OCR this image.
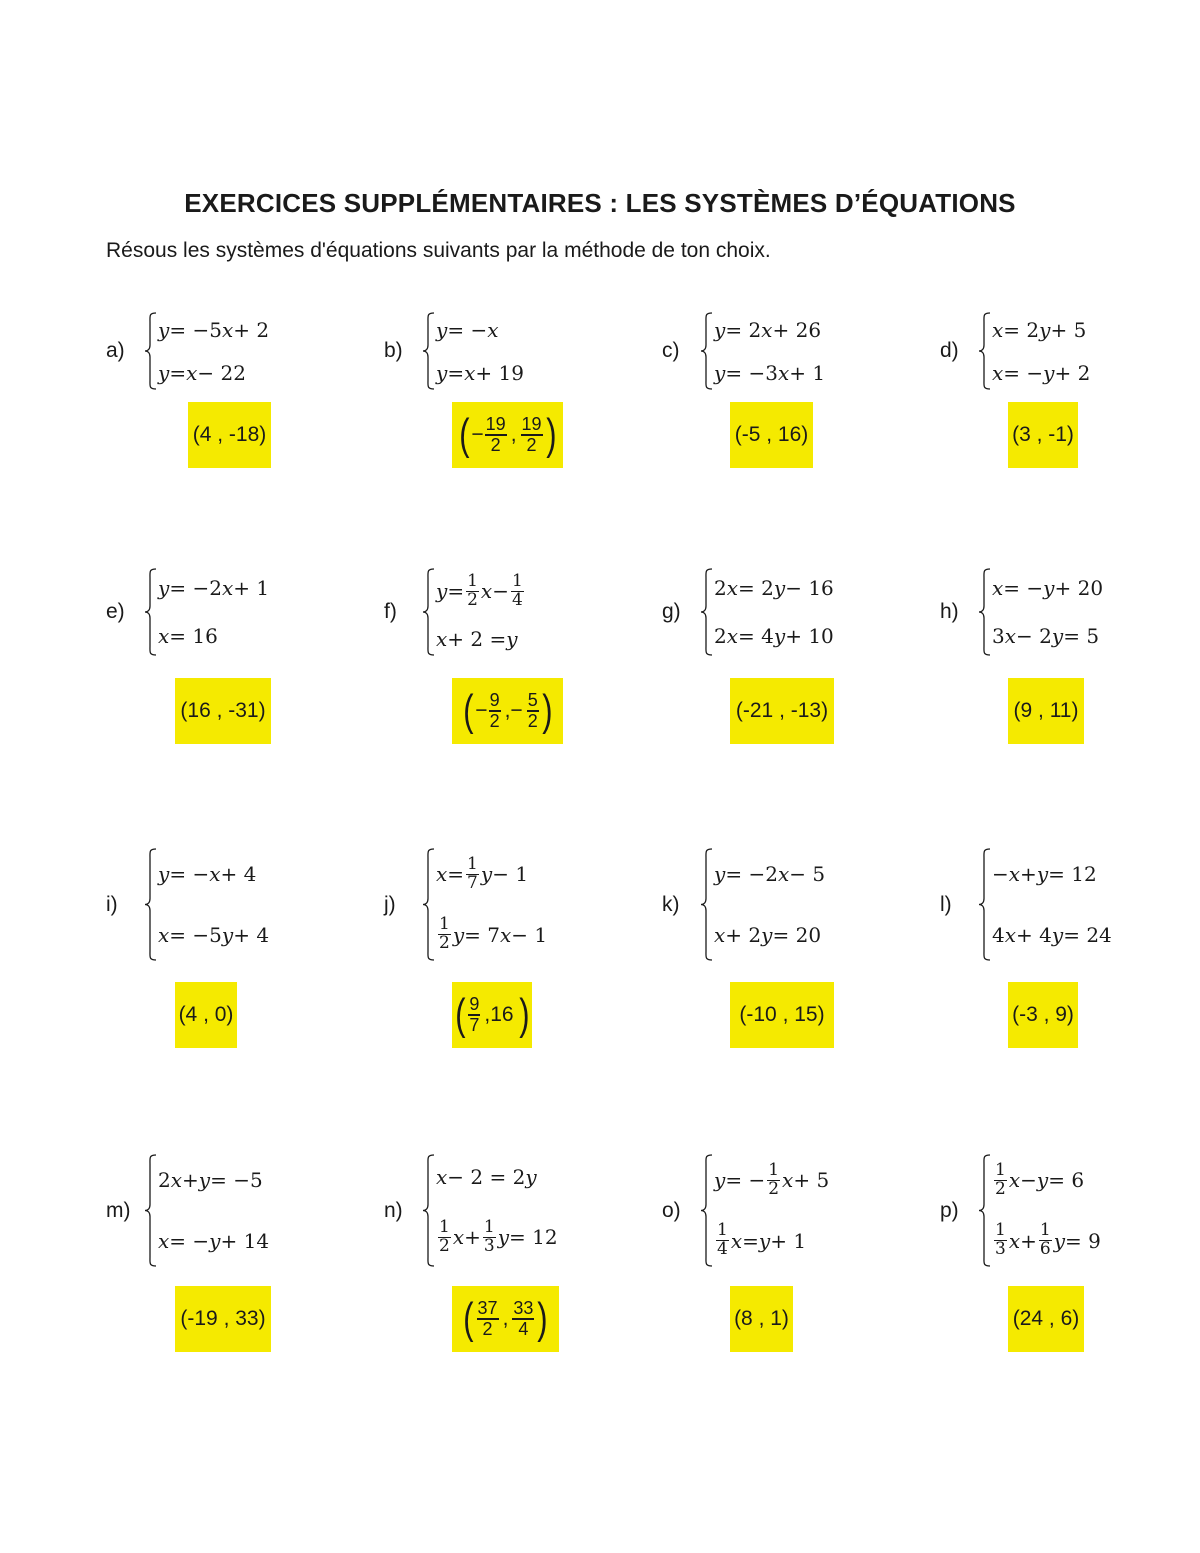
EXERCICES SUPPLÉMENTAIRES : LES SYSTÈMES D’ÉQUATIONS
Résous les systèmes d'équations suivants par la méthode de ton choix.
a)
y = −5 x + 2
y = x − 22
(4 , -18)
b)
y = − x
y = x + 19
( − $\frac{19}{2}$ , $\frac{19}{2}$ )
c)
y = 2 x + 26
y = −3 x + 1
(-5 , 16)
d)
x = 2 y + 5
x = − y + 2
(3 , -1)
e)
y = −2 x + 1
x = 16
(16 , -31)
f)
$y = \frac{1}{2}$ $x - \frac{1}{4}$
x + 2 = y
( − $\frac{9}{2}$ ,− $\frac{5}{2}$ )
g)
2 x = 2 y − 16
2 x = 4 y + 10
(-21 , -13)
h)
x = − y + 20
3 x − 2 y = 5
(9 , 11)
i)
y = − x + 4
x = −5 y + 4
(4 , 0)
j)
$x = \frac{1}{7}$ y − 1
$\frac{1}{2}$ y = 7 x − 1
( $\frac{9}{7} ,16$ )
k)
y = −2 x − 5
x + 2 y = 20
(-10 , 15)
l)
− x + y = 12
4 x + 4 y = 24
(-3 , 9)
m)
2 x + y = −5
x = − y + 14
(-19 , 33)
n)
x − 2 = 2 y
$\frac{1}{2}$ $x + \frac{1}{3}$ y = 12
( $\frac{37}{2}$ , $\frac{33}{4}$ )
o)
y = − $\frac{1}{2}$ x + 5
$\frac{1}{4}$ x = y + 1
(8 , 1)
p)
$\frac{1}{2}$ x − y = 6
$\frac{1}{3}$ $x + \frac{1}{6}$ y = 9
(24 , 6)
